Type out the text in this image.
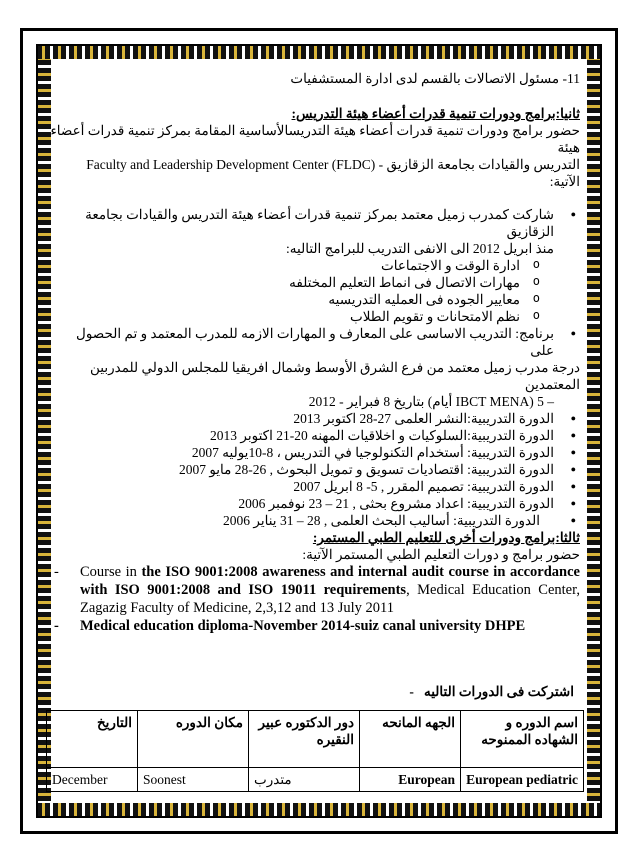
11- مسئول الاتصالات بالقسم لدى ادارة المستشفيات

ثانيا:برامج ودورات تنمية قدرات أعضاء هيئة التدريس:

حضور برامج ودورات تنمية قدرات أعضاء هيئة التدريسالأساسية المقامة بمركز تنمية قدرات أعضاء هيئة

التدريس والقيادات بجامعة الزقازيق - Faculty and Leadership Development Center (FLDC)

الآتية:

● شاركت كمدرب زميل معتمد بمركز تنمية قدرات أعضاء هيئة التدريس والقيادات بجامعة الزقازيق

منذ ابريل 2012 الى الانفى التدريب للبرامج التاليه:

o ادارة الوقت و الاجتماعات
o مهارات الاتصال فى انماط التعليم المختلفه
o معايير الجوده فى العمليه التدريسيه
o نظم الامتحانات و تقويم الطلاب

● برنامج: التدريب الاساسى على المعارف و المهارات الازمه للمدرب المعتمد و تم الحصول على

درجة مدرب زميل معتمد من فرع الشرق الأوسط وشمال افريقيا للمجلس الدولي للمدربين المعتمدين

– IBCT MENA) 5 أيام) بتاريخ 8 فبراير - 2012

● الدورة التدريبية:النشر العلمى 27-28 اكتوبر 2013
● الدورة التدريبية:السلوكيات و اخلاقيات المهنه 20-21 اكتوبر 2013
● الدورة التدريبية: أستخدام التكنولوجيا في التدريس ، 8-10يوليه 2007
● الدورة التدريبية: اقتصاديات تسويق و تمويل البحوث , 26-28 مايو 2007
● الدورة التدريبية: تصميم المقرر , 5- 8 ابريل 2007
● الدورة التدريبية: اعداد مشروع بحثى , 21 – 23 نوفمبر 2006
● الدورة التدريبية: أساليب البحث العلمى , 28 – 31 يناير 2006

ثالثا:برامج ودورات أخرى للتعليم الطبي المستمر:

حضور برامج و دورات التعليم الطبي المستمر الآتية:

- Course in the ISO 9001:2008 awareness and internal audit course in accordance with ISO 9001:2008 and ISO 19011 requirements, Medical Education Center, Zagazig Faculty of Medicine, 2,3,12 and 13 July 2011

- Medical education diploma-November 2014-suiz canal university DHPE

اشتركت فى الدورات التاليه   -

اسم الدوره و الشهاده الممنوحه	الجهه المانحه	دور الدكتوره عبير النقيره	مكان الدوره	التاريخ
European pediatric	European	متدرب	Soonest	December
